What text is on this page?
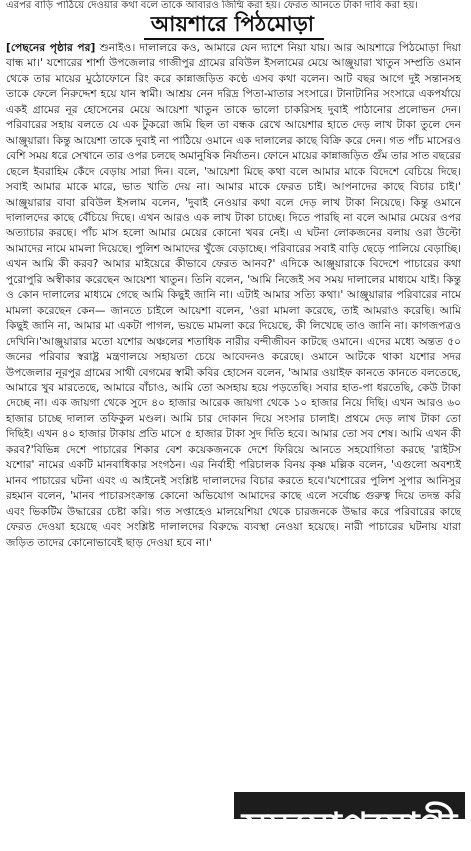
এরপর বাড়ি পাঠিয়ে দেওয়ার কথা বলে তাকে আবারও জিম্মি করা হয়। ফেরত আনতে টাকা দাবি করা হয়।
আয়শারে পিঠমোড়া

[পেছনের পৃষ্ঠার পর] শুনাইও। দালালরে কও, আমারে যেন দ্যাশে নিয়া যায়। আর আয়শারে পিঠমোড়া দিয়া বান্ধ মা।' যশোরের শার্শা উপজেলার গাজীপুর গ্রামের রবিউল ইসলামের মেয়ে আঞ্জুয়ারা খাতুন সম্প্রতি ওমান থেকে তার মায়ের মুঠোফোনে রিং করে কান্নাজড়িত কণ্ঠে এসব কথা বলেন। আট বছর আগে দুই সন্তানসহ তাকে ফেলে নিরুদ্দেশ হয়ে যান স্বামী। আশ্রয় নেন দরিদ্র পিতা-মাতার সংসারে। টানাটানির সংসারে একপর্যায়ে একই গ্রামের নূর হোসেনের মেয়ে আয়েশা খাতুন তাকে ভালো চাকরিসহ দুবাই পাঠানোর প্রলোভন দেন। পরিবারের সহায় বলতে যে এক টুকরো জমি ছিল তা বন্ধক রেখে আয়েশার হাতে দেড় লাখ টাকা তুলে দেন আঞ্জুয়ারা। কিন্তু আয়েশা তাকে দুবাই না পাঠিয়ে ওমানে এক দালালের কাছে বিক্রি করে দেন। গত পাঁচ মাসেরও বেশি সময় ধরে সেখানে তার ওপর চলছে অমানুষিক নির্যাতন। ফোনে মায়ের কান্নাজড়িত গুঁম তার সাত বছরের ছেলে ইবরাহিম কেঁদে বেড়ায় সারা দিন। বলে, 'আয়েশা মিছে কথা বলে আমার মাকে বিদেশে বেচিয়ে দিছে। সবাই আমার মাকে মারে, ভাত খাতি দেয় না। আমার মাকে ফেরত চাই। আপনাদের কাছে বিচার চাই।' আঞ্জুয়ারার বাবা রবিউল ইসলাম বলেন, 'দুবাই নেওয়ার কথা বলে দেড় লাখ টাকা নিয়েছে। কিন্তু ওমানে দালালদের কাছে বেঁচিয়ে দিছে। এখন আরও এক লাখ টাকা চাচ্ছে। দিতে পারছি না বলে আমার মেয়ের ওপর অত্যাচার করছে। পাঁচ মাস হলো আমার মেয়ের কোনো খবর নেই। এ ঘটনা লোকজনের বলায় ওরা উল্টো আমাদের নামে মামলা দিয়েছে। পুলিশ আমাদের খুঁজে বেড়াচ্ছে। পরিবারের সবাই বাড়ি ছেড়ে পালিয়ে বেড়াচ্ছি। এখন আমি কী করব? আমার মাইয়েরে কীভাবে ফেরত আনব?' এদিকে আঞ্জুয়ারাকে বিদেশে পাচারের কথা পুরোপুরি অস্বীকার করেছেন আয়েশা খাতুন। তিনি বলেন, 'আমি নিজেই সব সময় দালালের মাধ্যমে যাই। কিন্তু ও কোন দালালের মাধ্যমে গেছে আমি কিছুই জানি না। এটাই আমার সত্যি কথা।' আঞ্জুয়ারার পরিবারের নামে মামলা করেছেন কেন— জানতে চাইলে আয়েশা বলেন, 'ওরা মামলা করেছে, তাই আমরাও করেছি। আমি কিছুই জানি না, আমার মা একটা পাগল, ভয়ভে মামলা করে দিয়েছে, কী লিখেছে তাও জানি না। কাগজপত্রও দেখিনি।'আঞ্জুয়ারার মতো যশোর অঞ্চলের শতাধিক নারীর বন্দীজীবন কাটছে ওমানে। এদের মধ্যে অন্তত ৫০ জনের পরিবার স্বরাষ্ট্র মন্ত্রণালয়ে সহায়তা চেয়ে আবেদনও করেছে। ওমানে আটকে থাকা যশোর সদর উপজেলার নূরপুর গ্রামের সাথী বেগমের স্বামী কবির হোসেন বলেন, 'আমার ওয়াইফ কানতে কানতে বলতেছে, আমারে খুব মারতেছে, আমারে বাঁচাও, আমি তো অসহায় হয়ে পড়তেছি। সবার হাত-পা ধরতেছি, কেউ টাকা দেচ্ছে না। এক জায়গা থেকে সুদে ৪০ হাজার আরেক জায়গা থেকে ১০ হাজার নিয়ে দিছি। এখন আরও ৬০ হাজার চাচ্ছে দালাল তফিকুল মণ্ডল। আমি চার দোকান দিয়ে সংসার চালাই। প্রথমে দেড় লাখ টাকা তো দিছিই। এখন ৪০ হাজার টাকায় প্রতি মাসে ৫ হাজার টাকা সুদ দিতি হবে। আমার তো সব শেষ। আমি এখন কী করব?'বিভিন্ন দেশে পাচারের শিকার বেশ কয়েকজনকে দেশে ফিরিয়ে আনতে সহযোগিতা করছে 'রাইটস যশোর' নামের একটি মানবাধিকার সংগঠন। এর নির্বাহী পরিচালক বিনয় কৃষ্ণ মল্লিক বলেন, 'এগুলো অবশ্যই মানব পাচারের ঘটনা এবং এ আইনেই সংশ্লিষ্ট দালালদের বিচার করতে হবে।'যশোরের পুলিশ সুপার আনিসুর রহমান বলেন, 'মানব পাচারসংক্রান্ত কোনো অভিযোগ আমাদের কাছে এলে সর্বোচ্চ গুরুত্ব দিয়ে তদন্ত করি এবং ভিকটিম উদ্ধারের চেষ্টা করি। গত সপ্তাহেও মালয়েশিয়া থেকে চারজনকে উদ্ধার করে পরিবারের কাছে ফেরত দেওয়া হয়েছে এবং সংশ্লিষ্ট দালালদের বিরুদ্ধে ব্যবস্থা নেওয়া হয়েছে। নারী পাচারের ঘটনায় যারা জড়িত তাদের কোনোভাবেই ছাড় দেওয়া হবে না।'

সময়োপযোগী
